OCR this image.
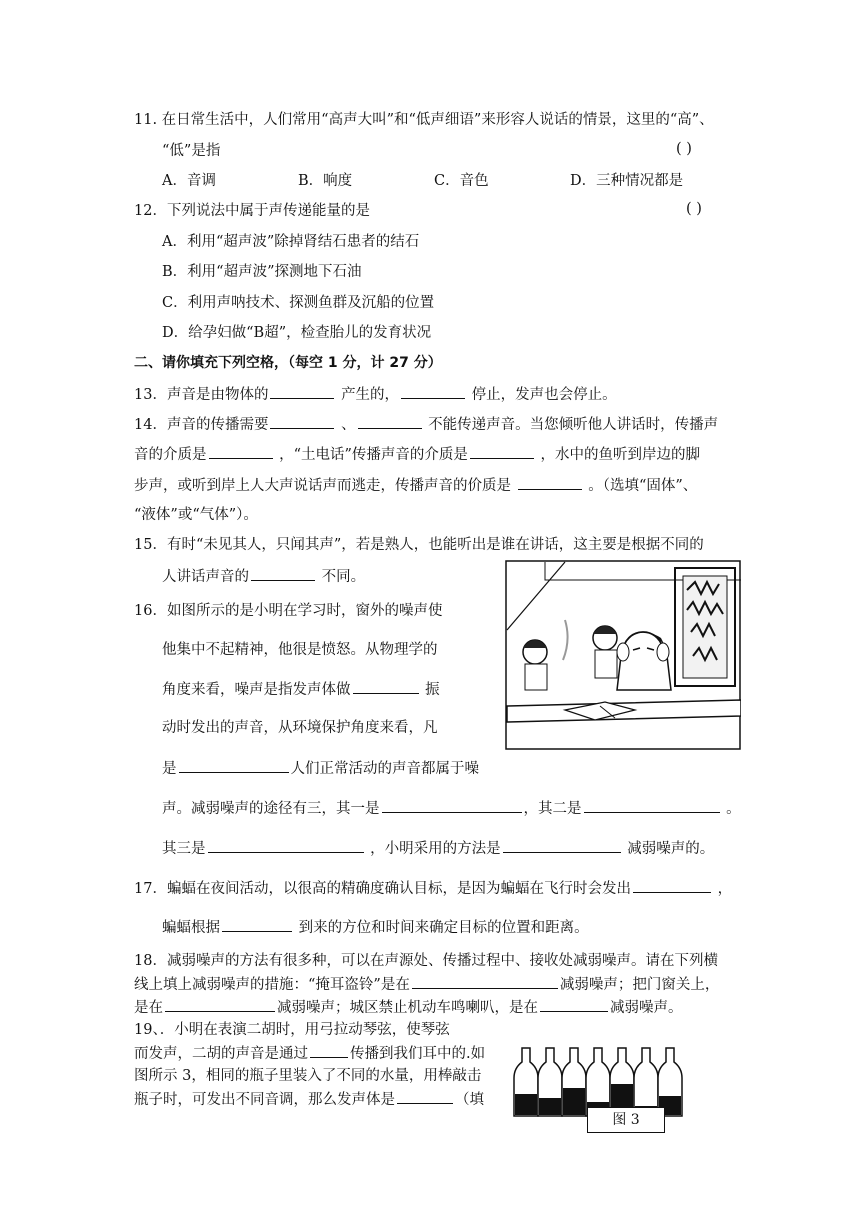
11. 在日常生活中，人们常用“高声大叫”和“低声细语”来形容人说话的情景，这里的“高”、
“低”是指	( )
A．音调	B．响度	C．音色	D．三种情况都是
12．下列说法中属于声传递能量的是	( )
A．利用“超声波”除掉肾结石患者的结石
B．利用“超声波”探测地下石油
C．利用声呐技术、探测鱼群及沉船的位置
D．给孕妇做“B超”，检查胎儿的发育状况
二、请你填充下列空格，（每空 1 分，计 27 分）
13．声音是由物体的	产生的，	停止，发声也会停止。
14．声音的传播需要	、	不能传递声音。当您倾听他人讲话时，传播声
音的介质是	，“土电话”传播声音的介质是	，水中的鱼听到岸边的脚
步声，或听到岸上人大声说话声而逃走，传播声音的价质是	。（选填“固体”、
“液体”或“气体”）。
15．有时“未见其人，只闻其声”，若是熟人，也能听出是谁在讲话，这主要是根据不同的
人讲话声音的	不同。
16．如图所示的是小明在学习时，窗外的噪声使
他集中不起精神，他很是愤怒。从物理学的
角度来看，噪声是指发声体做	振
动时发出的声音，从环境保护角度来看，凡
是	人们正常活动的声音都属于噪
声。减弱噪声的途径有三，其一是	，其二是	。
其三是	，小明采用的方法是	减弱噪声的。
17．蝙蝠在夜间活动，以很高的精确度确认目标，是因为蝙蝠在飞行时会发出	，
蝙蝠根据	到来的方位和时间来确定目标的位置和距离。
18．减弱噪声的方法有很多种，可以在声源处、传播过程中、接收处减弱噪声。请在下列横
线上填上减弱噪声的措施：“掩耳盗铃”是在	减弱噪声；把门窗关上，
是在	减弱噪声；城区禁止机动车鸣喇叭，是在	减弱噪声。
19、．小明在表演二胡时，用弓拉动琴弦，使琴弦
而发声，二胡的声音是通过	传播到我们耳中的.如
图所示 3，相同的瓶子里装入了不同的水量，用棒敲击
瓶子时，可发出不同音调，那么发声体是	（填
图 3
